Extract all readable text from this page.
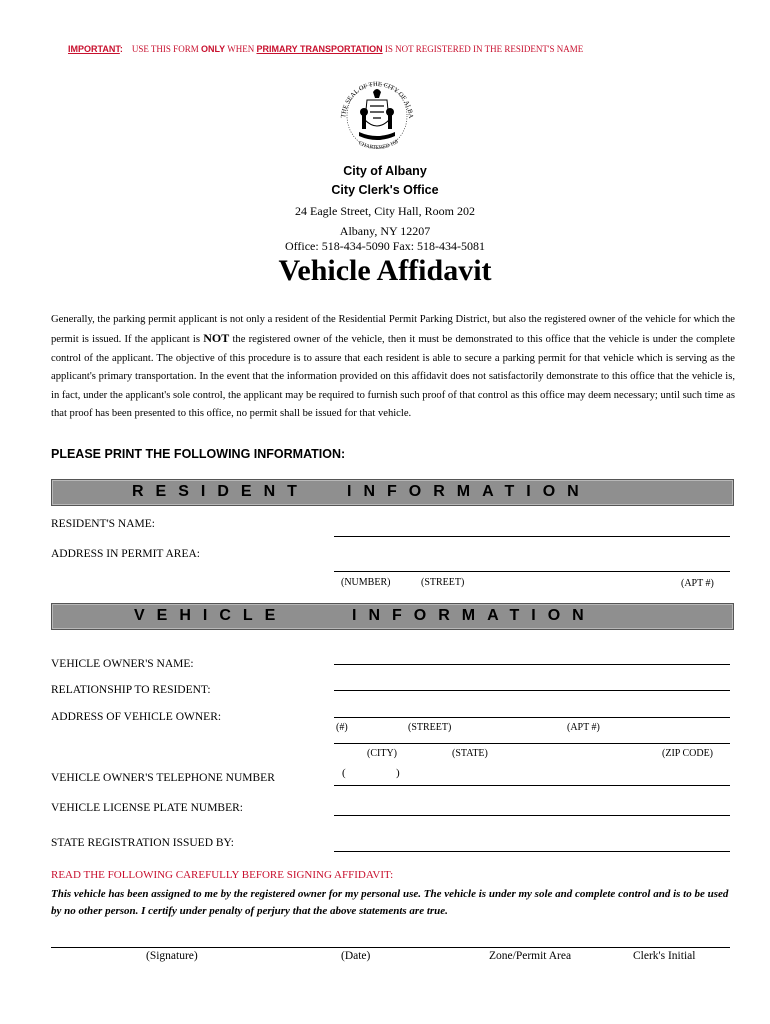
IMPORTANT: USE THIS FORM ONLY WHEN PRIMARY TRANSPORTATION IS NOT REGISTERED IN THE RESIDENT'S NAME
THE SEAL OF THE CITY OF ALBA
CHARTERED 168
City of Albany
City Clerk's Office
24 Eagle Street, City Hall, Room 202
Albany, NY 12207
Office: 518-434-5090 Fax: 518-434-5081
Vehicle Affidavit
Generally, the parking permit applicant is not only a resident of the Residential Permit Parking District, but also the registered owner of the vehicle for which the permit is issued. If the applicant is NOT the registered owner of the vehicle, then it must be demonstrated to this office that the vehicle is under the complete control of the applicant. The objective of this procedure is to assure that each resident is able to secure a parking permit for that vehicle which is serving as the applicant's primary transportation. In the event that the information provided on this affidavit does not satisfactorily demonstrate to this office that the vehicle is, in fact, under the applicant's sole control, the applicant may be required to furnish such proof of that control as this office may deem necessary; until such time as that proof has been presented to this office, no permit shall be issued for that vehicle.
PLEASE PRINT THE FOLLOWING INFORMATION:
RESIDENT INFORMATION
RESIDENT'S NAME:
ADDRESS IN PERMIT AREA:
(NUMBER)	(STREET)	(APT #)
VEHICLE	INFORMATION
VEHICLE OWNER'S NAME:
RELATIONSHIP TO RESIDENT:
ADDRESS OF VEHICLE OWNER:
(#)	(STREET)	(APT #)
(CITY)	(STATE)	(ZIP CODE)
VEHICLE OWNER'S TELEPHONE NUMBER	(	)
VEHICLE LICENSE PLATE NUMBER:
STATE REGISTRATION ISSUED BY:
READ THE FOLLOWING CAREFULLY BEFORE SIGNING AFFIDAVIT:
This vehicle has been assigned to me by the registered owner for my personal use. The vehicle is under my sole and complete control and is to be used by no other person. I certify under penalty of perjury that the above statements are true.
(Signature)	(Date)	Zone/Permit Area	Clerk's Initial
